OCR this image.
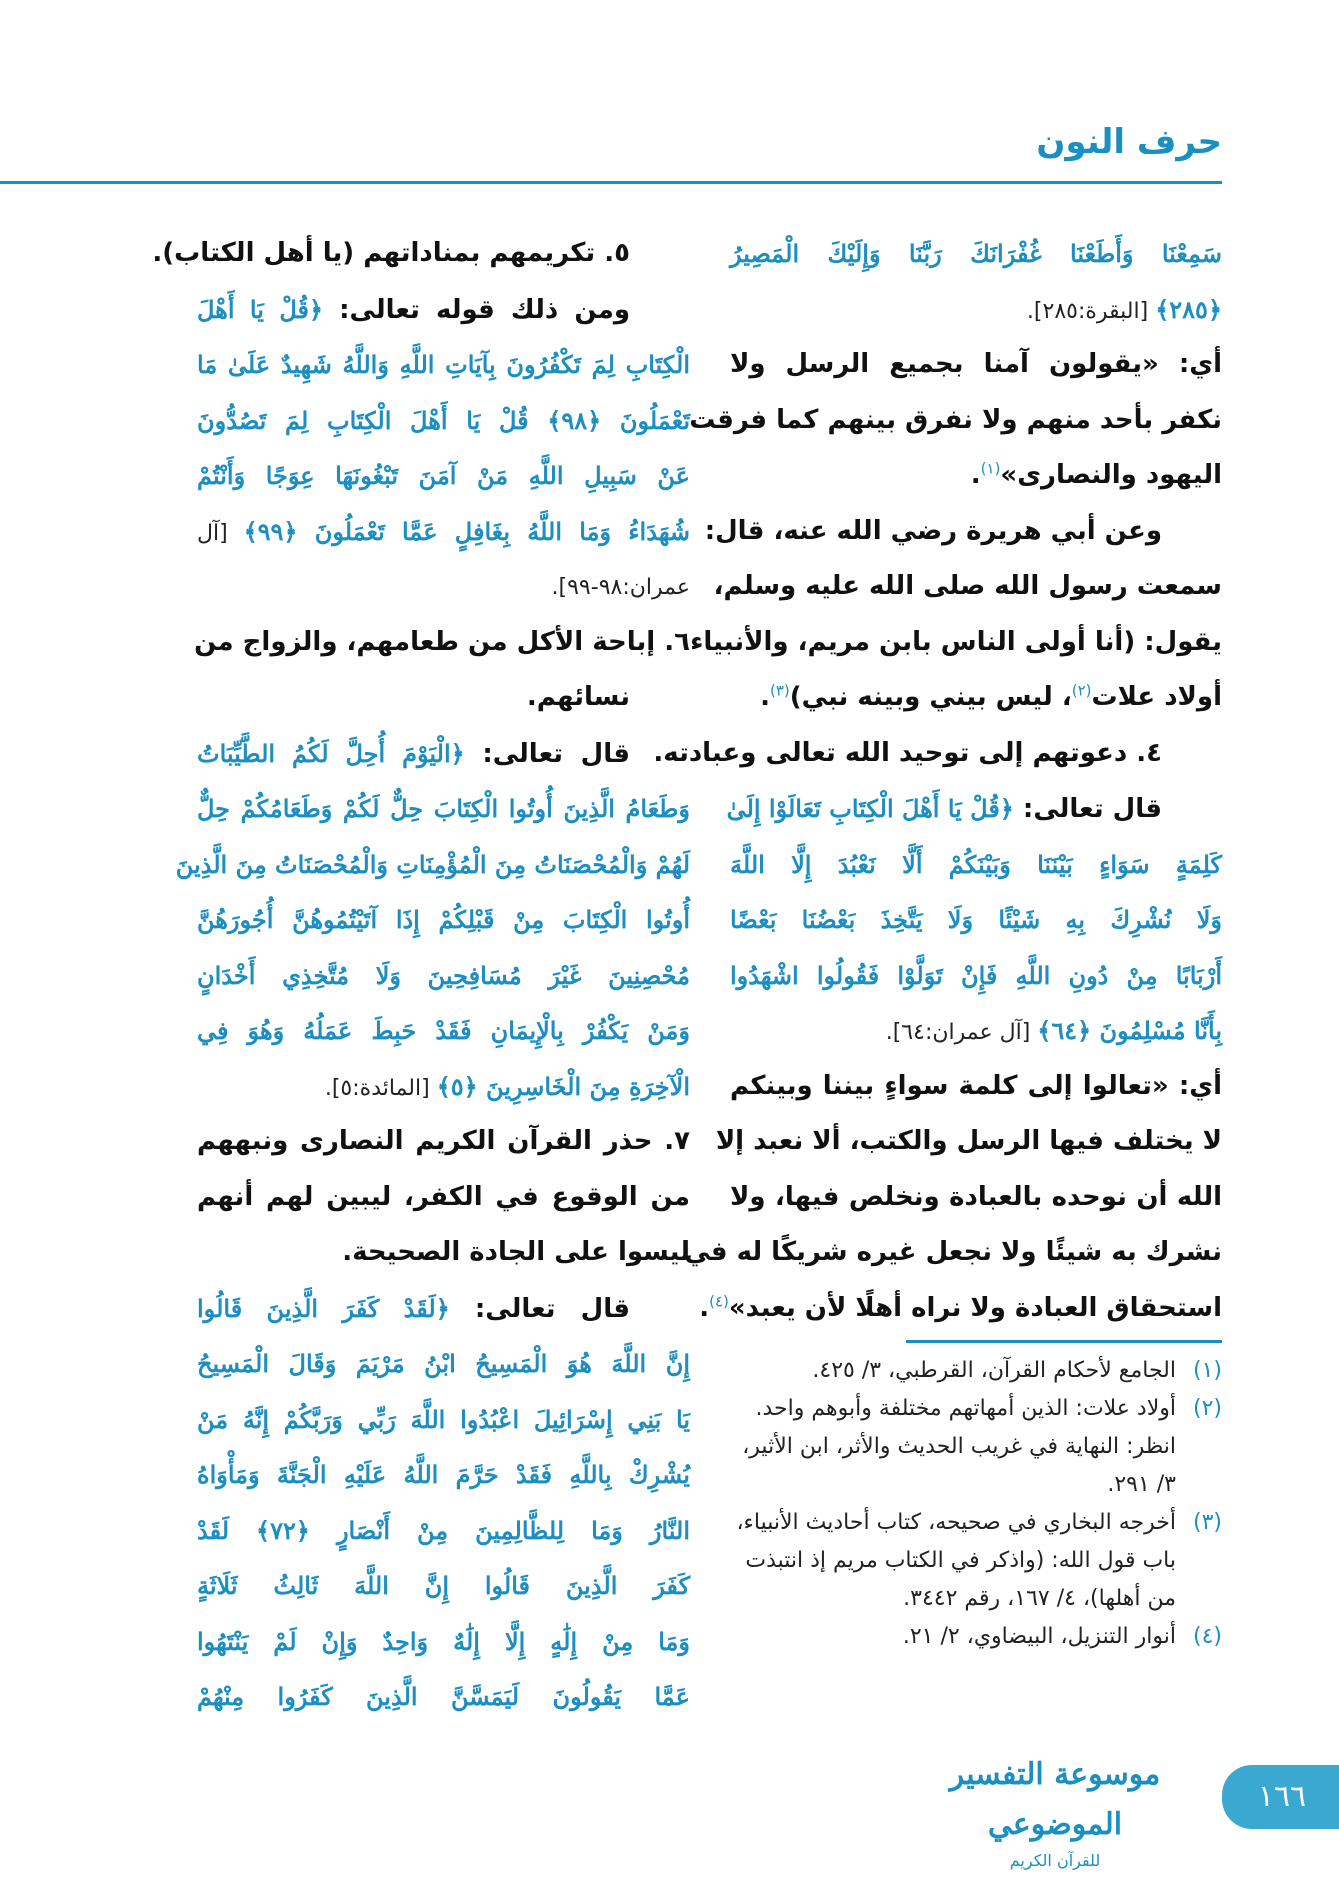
حرف النون
سَمِعْنَا وَأَطَعْنَا غُفْرَانَكَ رَبَّنَا وَإِلَيْكَ الْمَصِيرُ
﴿٢٨٥﴾ [البقرة:٢٨٥].
أي: «يقولون آمنا بجميع الرسل ولا
نكفر بأحد منهم ولا نفرق بينهم كما فرقت
اليهود والنصارى»$^{(١)}$.
وعن أبي هريرة رضي الله عنه، قال:
سمعت رسول الله صلى الله عليه وسلم،
يقول: (أنا أولى الناس بابن مريم، والأنبياء
أولاد علات$^{(٢)}$، ليس بيني وبينه نبي)$^{(٣)}$.
٤. دعوتهم إلى توحيد الله تعالى وعبادته.
قال تعالى: ﴿قُلْ يَا أَهْلَ الْكِتَابِ تَعَالَوْا إِلَىٰ
كَلِمَةٍ سَوَاءٍ بَيْنَنَا وَبَيْنَكُمْ أَلَّا نَعْبُدَ إِلَّا اللَّهَ
وَلَا نُشْرِكَ بِهِ شَيْئًا وَلَا يَتَّخِذَ بَعْضُنَا بَعْضًا
أَرْبَابًا مِنْ دُونِ اللَّهِ فَإِنْ تَوَلَّوْا فَقُولُوا اشْهَدُوا
بِأَنَّا مُسْلِمُونَ ﴿٦٤﴾ [آل عمران:٦٤].
أي: «تعالوا إلى كلمة سواءٍ بيننا وبينكم
لا يختلف فيها الرسل والكتب، ألا نعبد إلا
الله أن نوحده بالعبادة ونخلص فيها، ولا
نشرك به شيئًا ولا نجعل غيره شريكًا له في
استحقاق العبادة ولا نراه أهلًا لأن يعبد»$^{(٤)}$.
٥. تكريمهم بمناداتهم (يا أهل الكتاب).
ومن ذلك قوله تعالى: ﴿قُلْ يَا أَهْلَ
الْكِتَابِ لِمَ تَكْفُرُونَ بِآيَاتِ اللَّهِ وَاللَّهُ شَهِيدٌ عَلَىٰ مَا
تَعْمَلُونَ ﴿٩٨﴾ قُلْ يَا أَهْلَ الْكِتَابِ لِمَ تَصُدُّونَ
عَنْ سَبِيلِ اللَّهِ مَنْ آمَنَ تَبْغُونَهَا عِوَجًا وَأَنْتُمْ
شُهَدَاءُ وَمَا اللَّهُ بِغَافِلٍ عَمَّا تَعْمَلُونَ ﴿٩٩﴾ [آل
عمران:٩٨-٩٩].
٦. إباحة الأكل من طعامهم، والزواج من
نسائهم.
قال تعالى: ﴿الْيَوْمَ أُحِلَّ لَكُمُ الطَّيِّبَاتُ
وَطَعَامُ الَّذِينَ أُوتُوا الْكِتَابَ حِلٌّ لَكُمْ وَطَعَامُكُمْ حِلٌّ
لَهُمْ وَالْمُحْصَنَاتُ مِنَ الْمُؤْمِنَاتِ وَالْمُحْصَنَاتُ مِنَ الَّذِينَ
أُوتُوا الْكِتَابَ مِنْ قَبْلِكُمْ إِذَا آتَيْتُمُوهُنَّ أُجُورَهُنَّ
مُحْصِنِينَ غَيْرَ مُسَافِحِينَ وَلَا مُتَّخِذِي أَخْدَانٍ
وَمَنْ يَكْفُرْ بِالْإِيمَانِ فَقَدْ حَبِطَ عَمَلُهُ وَهُوَ فِي
الْآخِرَةِ مِنَ الْخَاسِرِينَ ﴿٥﴾ [المائدة:٥].
٧. حذر القرآن الكريم النصارى ونبههم
من الوقوع في الكفر، ليبين لهم أنهم
ليسوا على الجادة الصحيحة.
قال تعالى: ﴿لَقَدْ كَفَرَ الَّذِينَ قَالُوا
إِنَّ اللَّهَ هُوَ الْمَسِيحُ ابْنُ مَرْيَمَ وَقَالَ الْمَسِيحُ
يَا بَنِي إِسْرَائِيلَ اعْبُدُوا اللَّهَ رَبِّي وَرَبَّكُمْ إِنَّهُ مَنْ
يُشْرِكْ بِاللَّهِ فَقَدْ حَرَّمَ اللَّهُ عَلَيْهِ الْجَنَّةَ وَمَأْوَاهُ
النَّارُ وَمَا لِلظَّالِمِينَ مِنْ أَنْصَارٍ ﴿٧٢﴾ لَقَدْ
كَفَرَ الَّذِينَ قَالُوا إِنَّ اللَّهَ ثَالِثُ ثَلَاثَةٍ
وَمَا مِنْ إِلَٰهٍ إِلَّا إِلَٰهٌ وَاحِدٌ وَإِنْ لَمْ يَنْتَهُوا
عَمَّا يَقُولُونَ لَيَمَسَّنَّ الَّذِينَ كَفَرُوا مِنْهُمْ
(١)
الجامع لأحكام القرآن، القرطبي، ٣/ ٤٢٥.
(٢)
أولاد علات: الذين أمهاتهم مختلفة وأبوهم واحد. انظر: النهاية في غريب الحديث والأثر، ابن الأثير، ٣/ ٢٩١.
(٣)
أخرجه البخاري في صحيحه، كتاب أحاديث الأنبياء، باب قول الله: (واذكر في الكتاب مريم إذ انتبذت من أهلها)، ٤/ ١٦٧، رقم ٣٤٤٢.
(٤)
أنوار التنزيل، البيضاوي، ٢/ ٢١.
موسوعة التفسير الموضوعي
للقرآن الكريم
١٦٦
